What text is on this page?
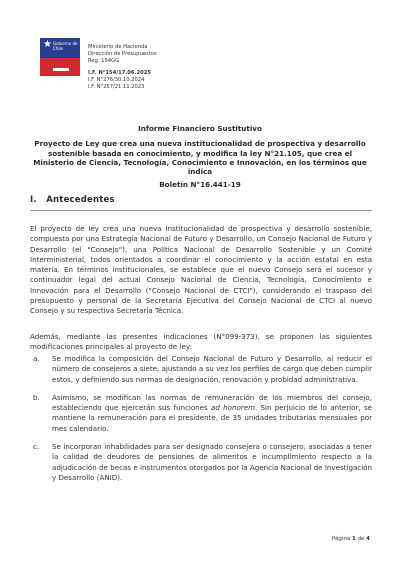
★ Gobierno de Chile	Ministerio de Hacienda
Dirección de Presupuestos
Reg. 154GG
I.F. N°154/17.06.2025
I.F. N°276/30.10.2024
I.F. N°257/21.11.2023
Informe Financiero Sustitutivo
Proyecto de Ley que crea una nueva institucionalidad de prospectiva y desarrollo sostenible basada en conocimiento, y modifica la ley N°21.105, que crea el Ministerio de Ciencia, Tecnología, Conocimiento e Innovación, en los términos que indica
Boletín N°16.441-19
I. Antecedentes

El proyecto de ley crea una nueva Institucionalidad de prospectiva y desarrollo sostenible, compuesta por una Estrategia Nacional de Futuro y Desarrollo, un Consejo Nacional de Futuro y Desarrollo (el "Consejo"), una Política Nacional de Desarrollo Sostenible y un Comité Interministerial, todos orientados a coordinar el conocimiento y la acción estatal en esta materia. En términos institucionales, se establece que el nuevo Consejo será el sucesor y continuador legal del actual Consejo Nacional de Ciencia, Tecnología, Conocimiento e Innovación para el Desarrollo ("Consejo Nacional de CTCI"), considerando el traspaso del presupuesto y personal de la Secretaría Ejecutiva del Consejo Nacional de CTCI al nuevo Consejo y su respectiva Secretaría Técnica.

Además, mediante las presentes indicaciones (N°099-373), se proponen las siguientes modificaciones principales al proyecto de ley:

a. Se modifica la composición del Consejo Nacional de Futuro y Desarrollo, al reducir el número de consejeros a siete, ajustando a su vez los perfiles de cargo que deben cumplir estos, y definiendo sus normas de designación, renovación y probidad administrativa.
b. Asimismo, se modifican las normas de remuneración de los miembros del consejo, estableciendo que ejercerán sus funciones ad honorem. Sin perjuicio de lo anterior, se mantiene la remuneración para el presidente, de 35 unidades tributarias mensuales por mes calendario.
c. Se incorporan inhabilidades para ser designado consejera o consejero, asociadas a tener la calidad de deudores de pensiones de alimentos e incumplimiento respecto a la adjudicación de becas e instrumentos otorgados por la Agencia Nacional de Investigación y Desarrollo (ANID).
Página 1 de 4
